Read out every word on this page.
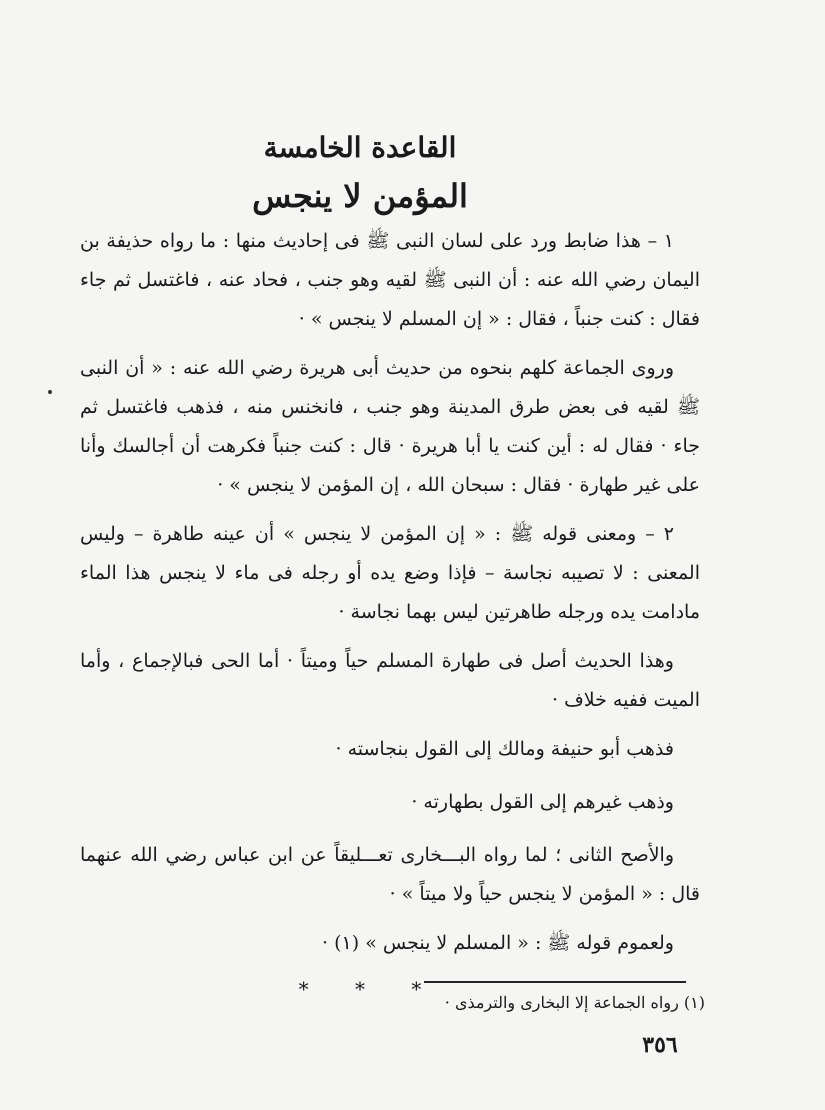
القاعدة الخامسة
المؤمن لا ينجس

١ – هذا ضابط ورد على لسان النبى ﷺ فى إحاديث منها : ما رواه حذيفة بن اليمان رضي الله عنه : أن النبى ﷺ لقيه وهو جنب ، فحاد عنه ، فاغتسل ثم جاء فقال : كنت جنباً ، فقال : « إن المسلم لا ينجس » ·

وروى الجماعة كلهم بنحوه من حديث أبى هريرة رضي الله عنه : « أن النبى ﷺ لقيه فى بعض طرق المدينة وهو جنب ، فانخنس منه ، فذهب فاغتسل ثم جاء · فقال له : أين كنت يا أبا هريرة · قال : كنت جنباً فكرهت أن أجالسك وأنا على غير طهارة · فقال : سبحان الله ، إن المؤمن لا ينجس » ·

٢ – ومعنى قوله ﷺ : « إن المؤمن لا ينجس » أن عينه طاهرة – وليس المعنى : لا تصيبه نجاسة – فإذا وضع يده أو رجله فى ماء لا ينجس هذا الماء مادامت يده ورجله طاهرتين ليس بهما نجاسة ·

وهذا الحديث أصل فى طهارة المسلم حياً وميتاً · أما الحى فبالإجماع ، وأما الميت ففيه خلاف ·

فذهب أبو حنيفة ومالك إلى القول بنجاسته ·

وذهب غيرهم إلى القول بطهارته ·

والأصح الثانى ؛ لما رواه البـــخارى تعـــليقاً عن ابن عباس رضي الله عنهما قال : « المؤمن لا ينجس حياً ولا ميتاً » ·

ولعموم قوله ﷺ : « المسلم لا ينجس » (١) ·

* * *
(١) رواه الجماعة إلا البخارى والترمذى ·
٣٥٦
